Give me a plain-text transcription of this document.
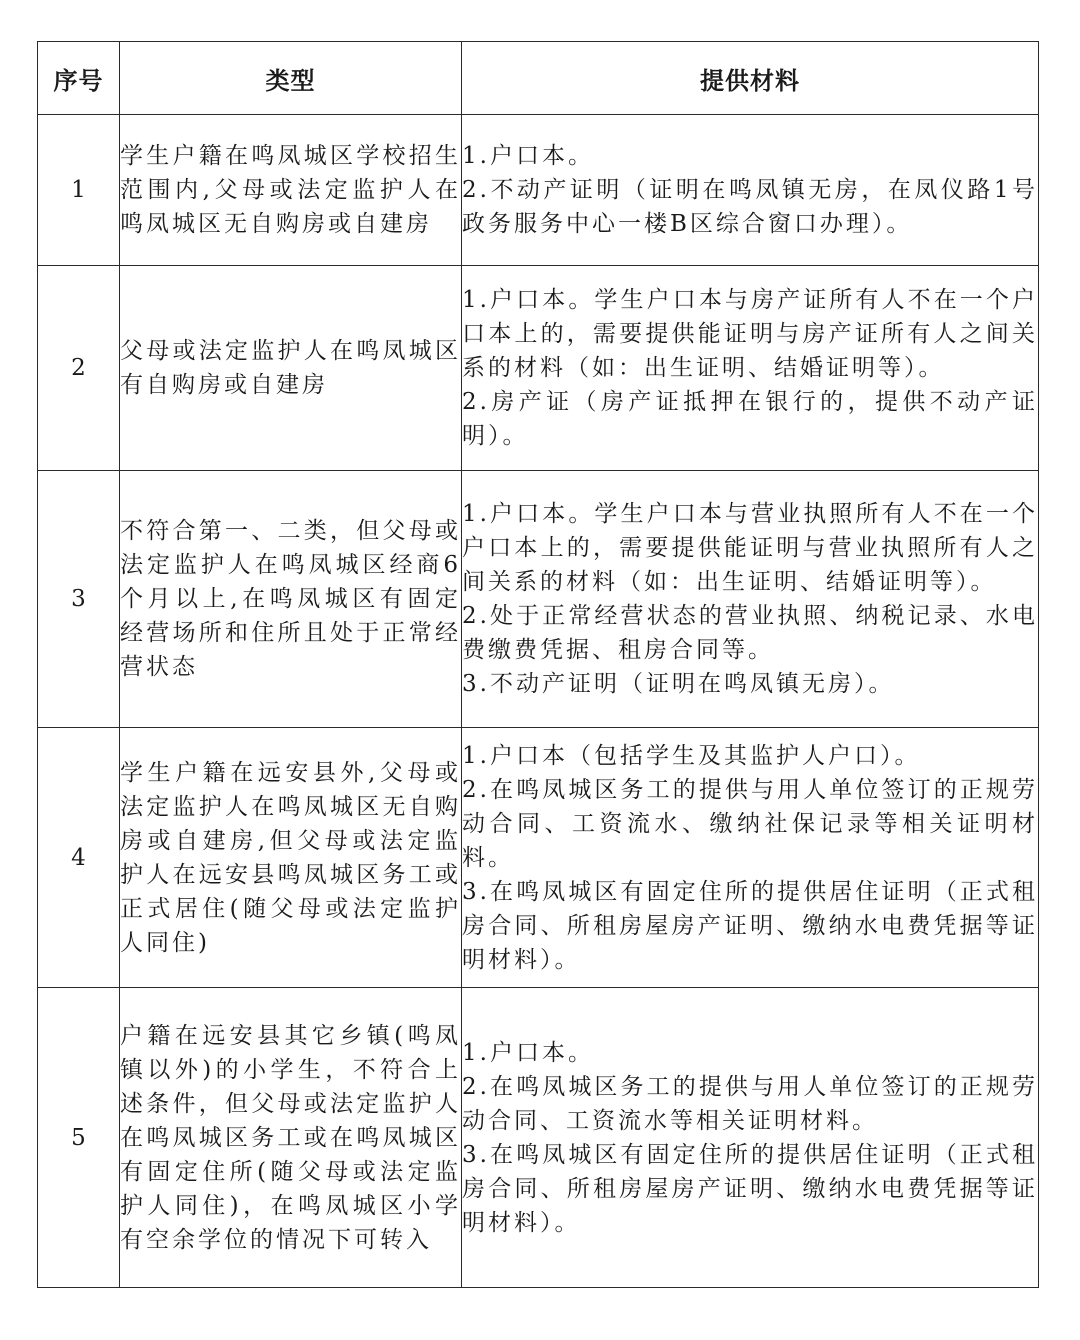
序号	类型	提供材料
1	学生户籍在鸣凤城区学校招生范围内,父母或法定监护人在鸣凤城区无自购房或自建房	1.户口本。
2.不动产证明（证明在鸣凤镇无房，在凤仪路1号政务服务中心一楼B区综合窗口办理）。

2	父母或法定监护人在鸣凤城区有自购房或自建房	1.户口本。学生户口本与房产证所有人不在一个户口本上的，需要提供能证明与房产证所有人之间关系的材料（如：出生证明、结婚证明等）。
2.房产证（房产证抵押在银行的，提供不动产证明）。

3	不符合第一、二类，但父母或法定监护人在鸣凤城区经商6个月以上,在鸣凤城区有固定经营场所和住所且处于正常经营状态	1.户口本。学生户口本与营业执照所有人不在一个户口本上的，需要提供能证明与营业执照所有人之间关系的材料（如：出生证明、结婚证明等）。
2.处于正常经营状态的营业执照、纳税记录、水电费缴费凭据、租房合同等。
3.不动产证明（证明在鸣凤镇无房）。

4	学生户籍在远安县外,父母或法定监护人在鸣凤城区无自购房或自建房,但父母或法定监护人在远安县鸣凤城区务工或正式居住(随父母或法定监护人同住)	1.户口本（包括学生及其监护人户口）。
2.在鸣凤城区务工的提供与用人单位签订的正规劳动合同、工资流水、缴纳社保记录等相关证明材料。
3.在鸣凤城区有固定住所的提供居住证明（正式租房合同、所租房屋房产证明、缴纳水电费凭据等证明材料）。

5	户籍在远安县其它乡镇(鸣凤镇以外)的小学生，不符合上述条件，但父母或法定监护人在鸣凤城区务工或在鸣凤城区有固定住所(随父母或法定监护人同住)，在鸣凤城区小学有空余学位的情况下可转入	1.户口本。
2.在鸣凤城区务工的提供与用人单位签订的正规劳动合同、工资流水等相关证明材料。
3.在鸣凤城区有固定住所的提供居住证明（正式租房合同、所租房屋房产证明、缴纳水电费凭据等证明材料）。
